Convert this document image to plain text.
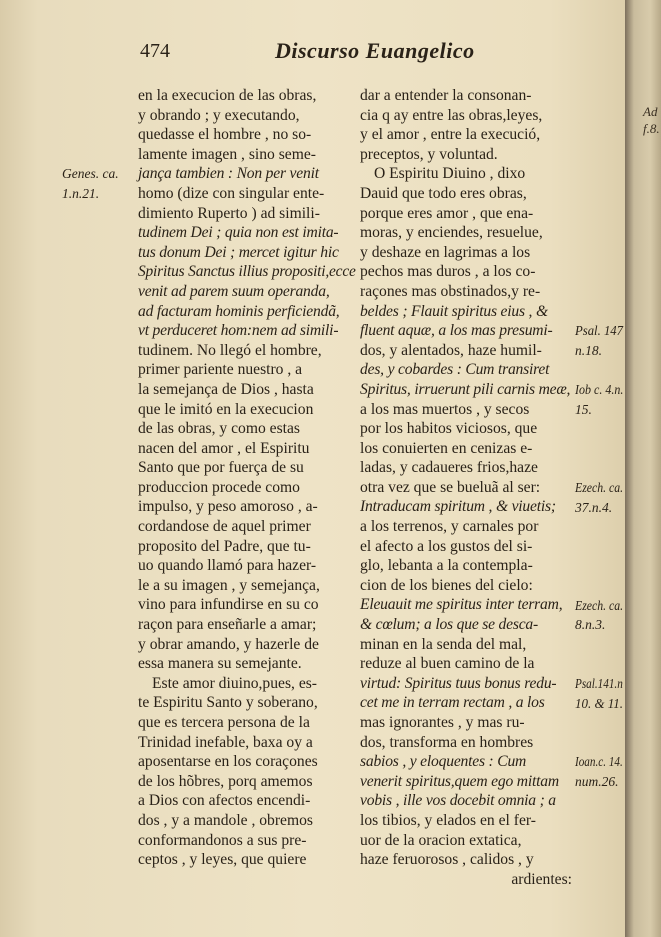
474	Discurso Euangelico
en la execucion de las obras,
y obrando ; y executando,
quedasse el hombre , no so-
lamente imagen , sino seme-
jança tambien : Non per venit
homo (dize con singular ente-
dimiento Ruperto ) ad simili-
tudinem Dei ; quia non est imita-
tus donum Dei ; mercet igitur hic
Spiritus Sanctus illius propositi,ecce
venit ad parem suum operanda,
ad facturam hominis perficiendã,
vt perduceret hom:nem ad simili-
tudinem. No llegó el hombre,
primer pariente nuestro , a
la semejança de Dios , hasta
que le imitó en la execucion
de las obras, y como estas
nacen del amor , el Espiritu
Santo que por fuerça de su
produccion procede como
impulso, y peso amoroso , a-
cordandose de aquel primer
proposito del Padre, que tu-
uo quando llamó para hazer-
le a su imagen , y semejança,
vino para infundirse en su co
raçon para enseñarle a amar;
y obrar amando, y hazerle de
essa manera su semejante.
Este amor diuino,pues, es-
te Espiritu Santo y soberano,
que es tercera persona de la
Trinidad inefable, baxa oy a
aposentarse en los coraçones
de los hõbres, porq amemos
a Dios con afectos encendi-
dos , y a mandole , obremos
conformandonos a sus pre-
ceptos , y leyes, que quiere
dar a entender la consonan-
cia q ay entre las obras,leyes,
y el amor , entre la execució,
preceptos, y voluntad.
O Espiritu Diuino , dixo
Dauid que todo eres obras,
porque eres amor , que ena-
moras, y enciendes, resuelue,
y deshaze en lagrimas a los
pechos mas duros , a los co-
raçones mas obstinados,y re-
beldes ; Flauit spiritus eius , &
fluent aquæ, a los mas presumi-
dos, y alentados, haze humil-
des, y cobardes : Cum transiret
Spiritus, irruerunt pili carnis meæ,
a los mas muertos , y secos
por los habitos viciosos, que
los conuierten en cenizas e-
ladas, y cadaueres frios,haze
otra vez que se bueluã al ser:
Intraducam spiritum , & viuetis;
a los terrenos, y carnales por
el afecto a los gustos del si-
glo, lebanta a la contempla-
cion de los bienes del cielo:
Eleuauit me spiritus inter terram,
& cœlum; a los que se desca-
minan en la senda del mal,
reduze al buen camino de la
virtud: Spiritus tuus bonus redu-
cet me in terram rectam , a los
mas ignorantes , y mas ru-
dos, transforma en hombres
sabios , y eloquentes : Cum
venerit spiritus,quem ego mittam
vobis , ille vos docebit omnia ; a
los tibios, y elados en el fer-
uor de la oracion extatica,
haze feruorosos , calidos , y
ardientes:
Genes. ca.
1.n.21.
Psal. 147
n.18.
Iob c. 4.n.
15.
Ezech. ca.
37.n.4.
Ezech. ca.
8.n.3.
Psal.141.n
10. & 11.
Ioan.c. 14.
num.26.
Ad
f.8.
